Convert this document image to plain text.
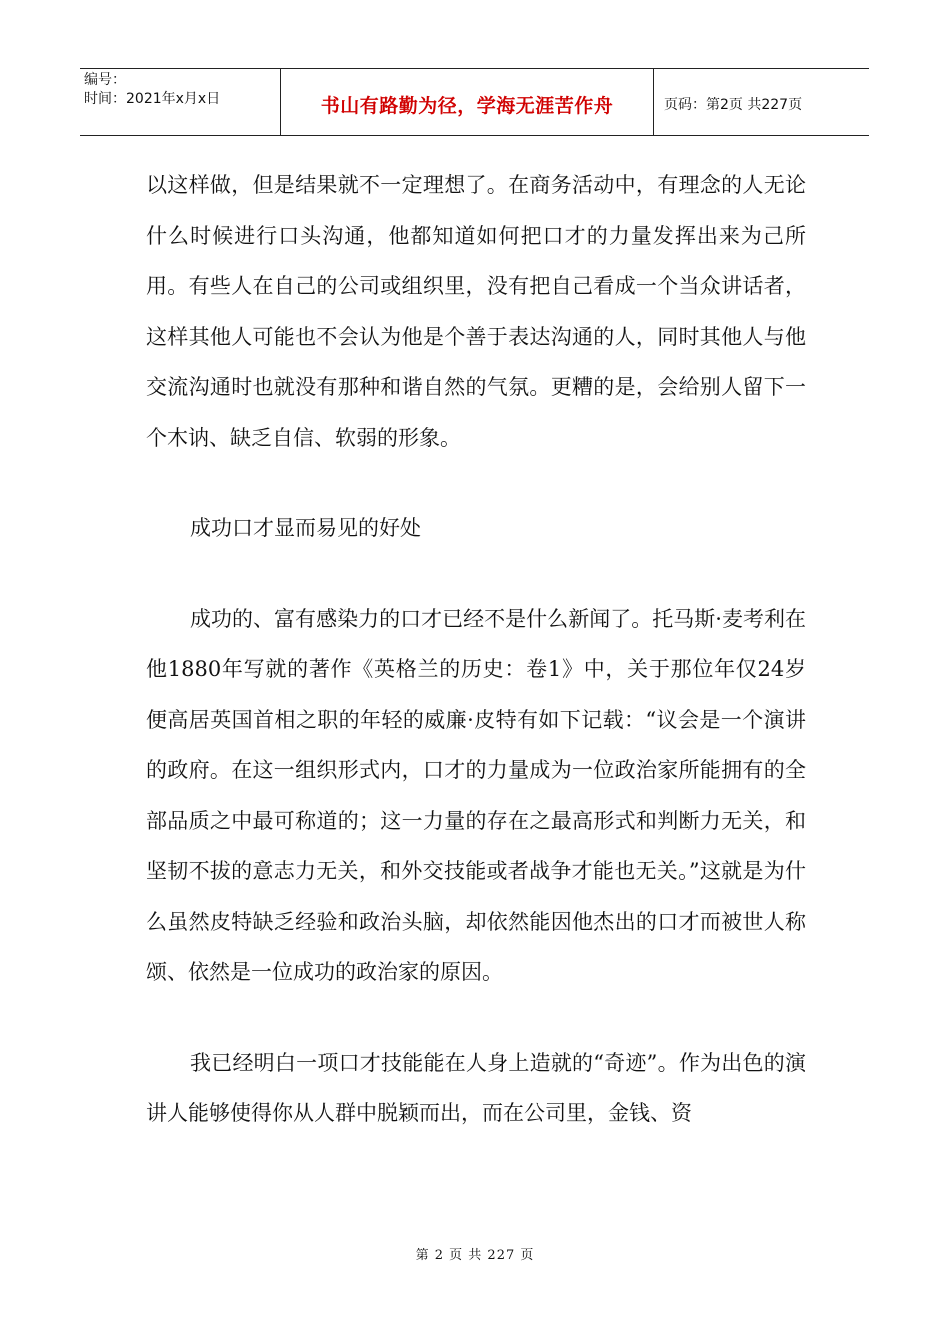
编号：
时间：2021年x月x日	书山有路勤为径，学海无涯苦作舟	页码：第2页 共227页

以这样做，但是结果就不一定理想了。在商务活动中，有理念的人无论什么时候进行口头沟通，他都知道如何把口才的力量发挥出来为己所用。有些人在自己的公司或组织里，没有把自己看成一个当众讲话者，这样其他人可能也不会认为他是个善于表达沟通的人，同时其他人与他交流沟通时也就没有那种和谐自然的气氛。更糟的是，会给别人留下一个木讷、缺乏自信、软弱的形象。

成功口才显而易见的好处

成功的、富有感染力的口才已经不是什么新闻了。托马斯·麦考利在他1880年写就的著作《英格兰的历史：卷1》中，关于那位年仅24岁便高居英国首相之职的年轻的威廉·皮特有如下记载：“议会是一个演讲的政府。在这一组织形式内，口才的力量成为一位政治家所能拥有的全部品质之中最可称道的；这一力量的存在之最高形式和判断力无关，和坚韧不拔的意志力无关，和外交技能或者战争才能也无关。”这就是为什么虽然皮特缺乏经验和政治头脑，却依然能因他杰出的口才而被世人称颂、依然是一位成功的政治家的原因。

我已经明白一项口才技能能在人身上造就的“奇迹”。作为出色的演讲人能够使得你从人群中脱颖而出，而在公司里，金钱、资

第 2 页 共 227 页
